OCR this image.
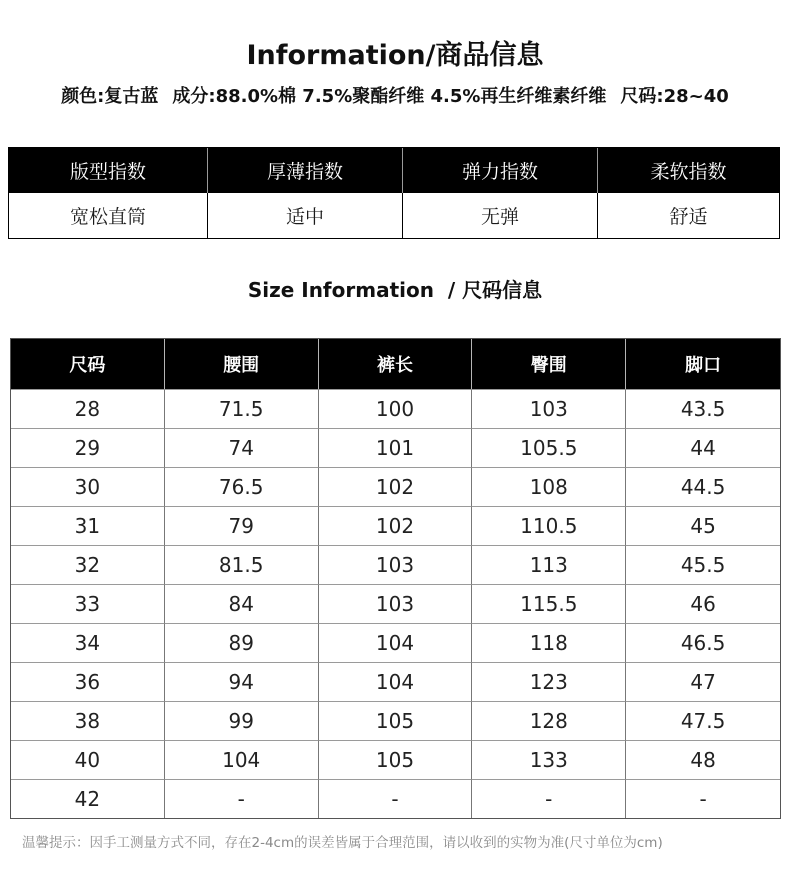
Information/商品信息
颜色:复古蓝 成分:88.0%棉 7.5%聚酯纤维 4.5%再生纤维素纤维 尺码:28~40
版型指数	厚薄指数	弹力指数	柔软指数
宽松直筒	适中	无弹	舒适
Size Information  / 尺码信息
尺码	腰围	裤长	臀围	脚口
28	71.5	100	103	43.5
29	74	101	105.5	44
30	76.5	102	108	44.5
31	79	102	110.5	45
32	81.5	103	113	45.5
33	84	103	115.5	46
34	89	104	118	46.5
36	94	104	123	47
38	99	105	128	47.5
40	104	105	133	48
42	-	-	-	-
温馨提示：因手工测量方式不同，存在2-4cm的误差皆属于合理范围，请以收到的实物为准(尺寸单位为cm)
